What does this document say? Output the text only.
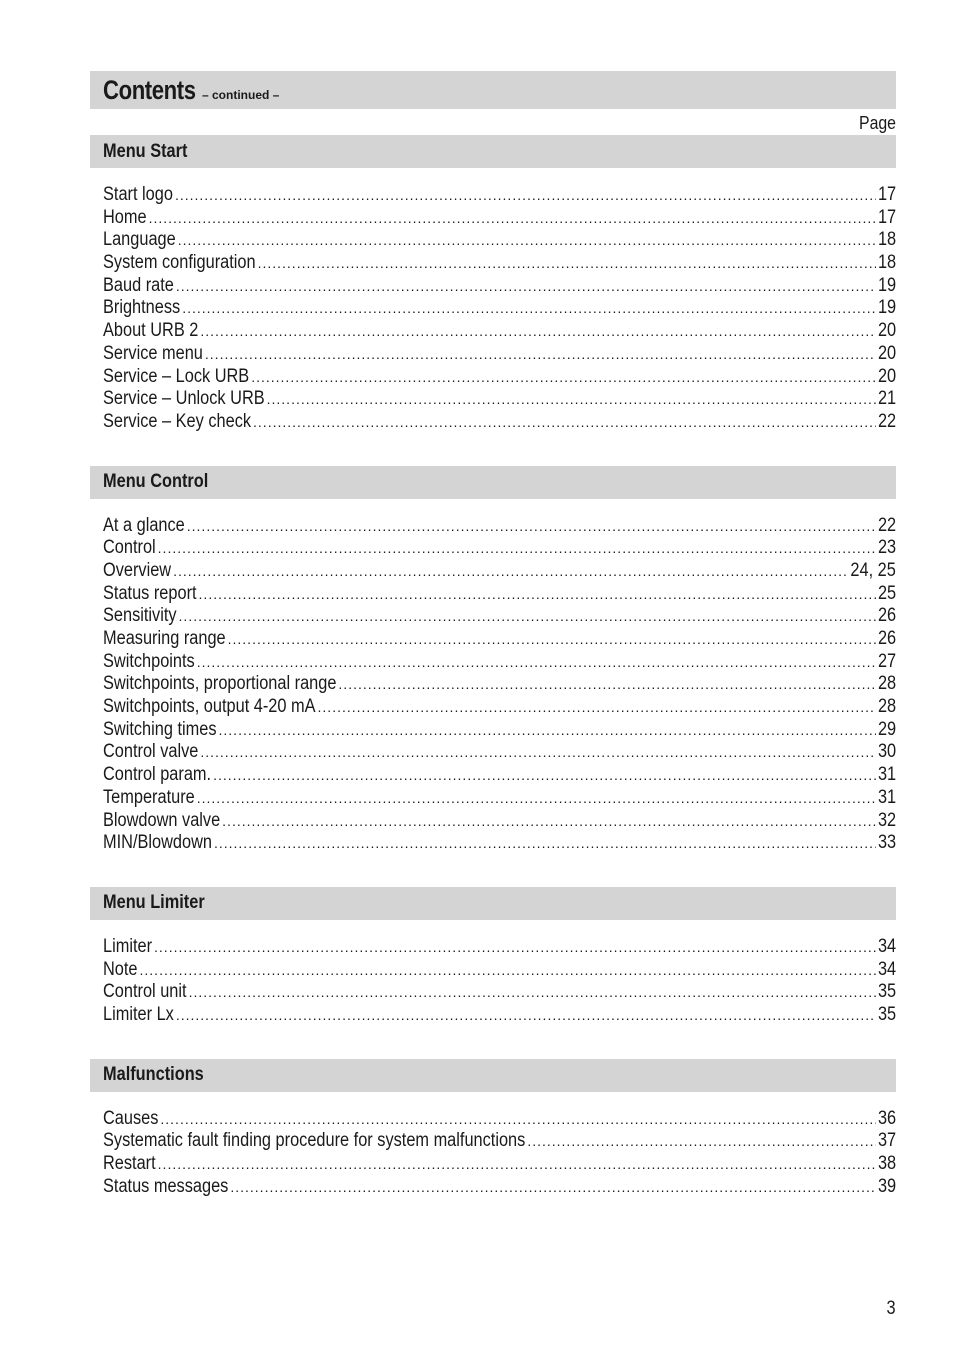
Contents – continued –
Page
Menu Start
Start logo .....	17
Home .....	17
Language .....	18
System configuration .....	18
Baud rate .....	19
Brightness .....	19
About URB 2 .....	20
Service menu .....	20
Service – Lock URB .....	20
Service – Unlock URB .....	21
Service – Key check .....	22
Menu Control
At a glance .....	22
Control .....	23
Overview .....	24, 25
Status report .....	25
Sensitivity .....	26
Measuring range .....	26
Switchpoints .....	27
Switchpoints, proportional range .....	28
Switchpoints, output 4-20 mA .....	28
Switching times .....	29
Control valve .....	30
Control param. .....	31
Temperature .....	31
Blowdown valve .....	32
MIN/Blowdown .....	33
Menu Limiter
Limiter .....	34
Note .....	34
Control unit .....	35
Limiter Lx .....	35
Malfunctions
Causes .....	36
Systematic fault finding procedure for system malfunctions .....	37
Restart .....	38
Status messages .....	39
3
